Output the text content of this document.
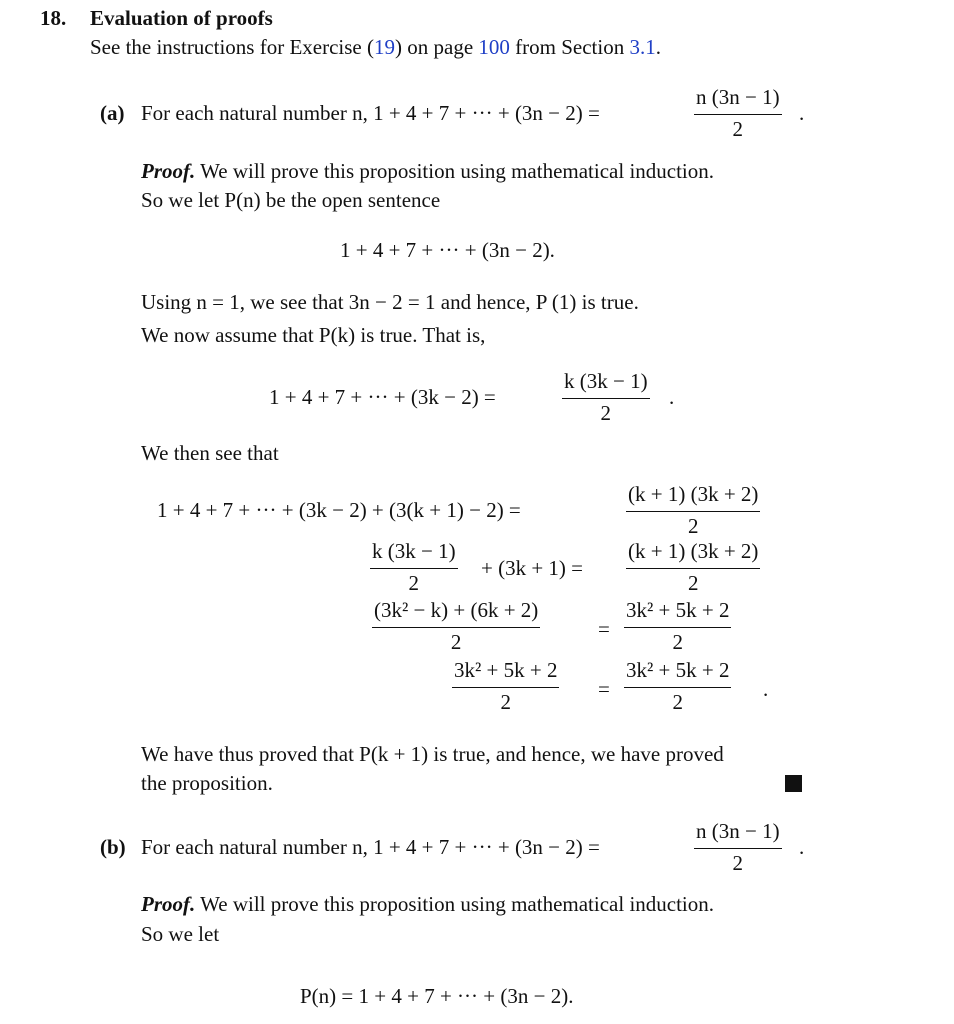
18. Evaluation of proofs
See the instructions for Exercise (19) on page 100 from Section 3.1.
(a) For each natural number n, 1 + 4 + 7 + ··· + (3n − 2) =	$\frac{n (3n - 1)}{2}$ .
Proof. We will prove this proposition using mathematical induction.
So we let P(n) be the open sentence
1 + 4 + 7 + ··· + (3n − 2).
Using n = 1, we see that 3n − 2 = 1 and hence, P (1) is true.
We now assume that P(k) is true. That is,
1 + 4 + 7 + ··· + (3k − 2) =	$\frac{k (3k - 1)}{2}$ .
We then see that
1 + 4 + 7 + ··· + (3k − 2) + (3(k + 1) − 2) =	$\frac{(k + 1) (3k + 2)}{2}$
$\frac{k (3k - 1)}{2} + (3k + 1) = \frac{(k + 1) (3k + 2)}{2}$
$\frac{\text{(3k² − k) + (6k + 2)}}{2}$	= $\frac{\text{3k² + 5k + 2}}{2}$
$\frac{\text{3k² + 5k + 2}}{2} = \frac{\text{3k² + 5k + 2}}{2}$ .
We have thus proved that P(k + 1) is true, and hence, we have proved
the proposition.
(b) For each natural number n, 1 + 4 + 7 + ··· + (3n − 2) =	$\frac{n (3n - 1)}{2}$ .
Proof. We will prove this proposition using mathematical induction.
So we let
P(n) = 1 + 4 + 7 + ··· + (3n − 2).
